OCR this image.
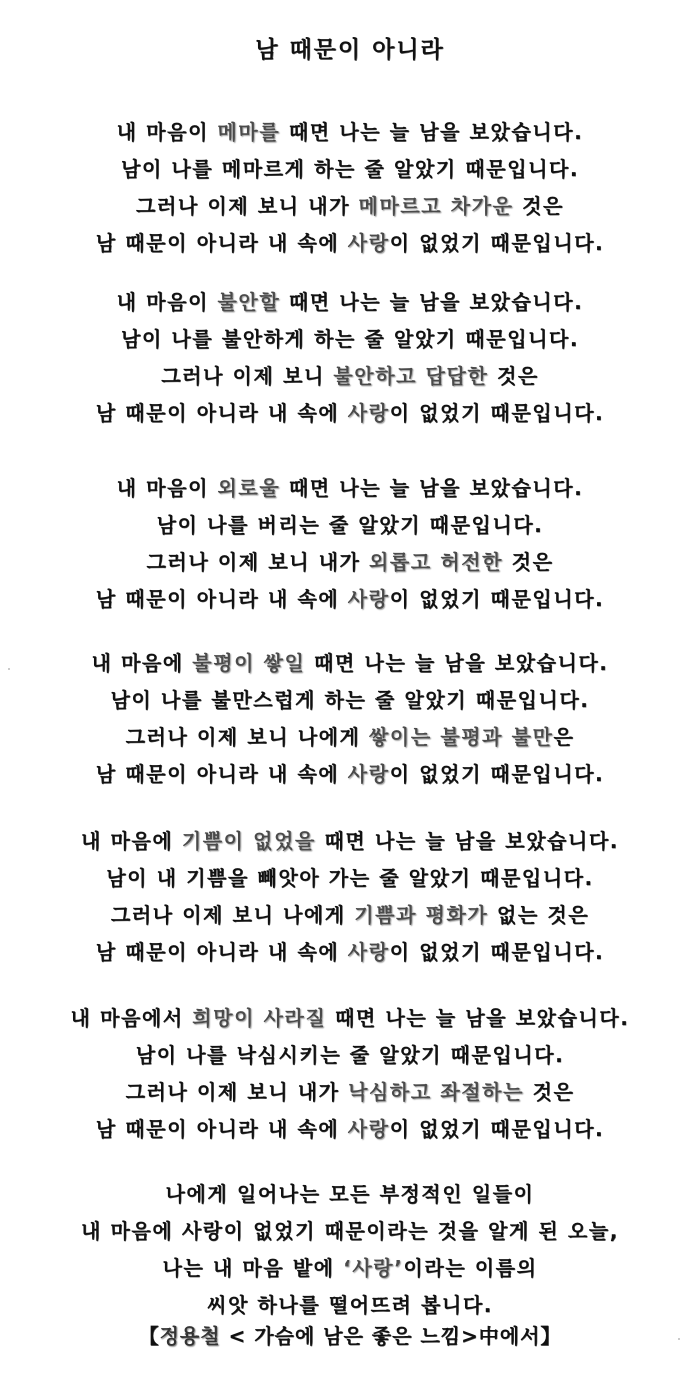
남 때문이 아니라
내 마음이 메마를 때면 나는 늘 남을 보았습니다.
남이 나를 메마르게 하는 줄 알았기 때문입니다.
그러나 이제 보니 내가 메마르고 차가운 것은
남 때문이 아니라 내 속에 사랑이 없었기 때문입니다.
내 마음이 불안할 때면 나는 늘 남을 보았습니다.
남이 나를 불안하게 하는 줄 알았기 때문입니다.
그러나 이제 보니 불안하고 답답한 것은
남 때문이 아니라 내 속에 사랑이 없었기 때문입니다.
내 마음이 외로울 때면 나는 늘 남을 보았습니다.
남이 나를 버리는 줄 알았기 때문입니다.
그러나 이제 보니 내가 외롭고 허전한 것은
남 때문이 아니라 내 속에 사랑이 없었기 때문입니다.
내 마음에 불평이 쌓일 때면 나는 늘 남을 보았습니다.
남이 나를 불만스럽게 하는 줄 알았기 때문입니다.
그러나 이제 보니 나에게 쌓이는 불평과 불만은
남 때문이 아니라 내 속에 사랑이 없었기 때문입니다.
내 마음에 기쁨이 없었을 때면 나는 늘 남을 보았습니다.
남이 내 기쁨을 빼앗아 가는 줄 알았기 때문입니다.
그러나 이제 보니 나에게 기쁨과 평화가 없는 것은
남 때문이 아니라 내 속에 사랑이 없었기 때문입니다.
내 마음에서 희망이 사라질 때면 나는 늘 남을 보았습니다.
남이 나를 낙심시키는 줄 알았기 때문입니다.
그러나 이제 보니 내가 낙심하고 좌절하는 것은
남 때문이 아니라 내 속에 사랑이 없었기 때문입니다.
나에게 일어나는 모든 부정적인 일들이
내 마음에 사랑이 없었기 때문이라는 것을 알게 된 오늘,
나는 내 마음 밭에 ‘사랑’이라는 이름의
씨앗 하나를 떨어뜨려 봅니다.
【정용철 < 가슴에 남은 좋은 느낌>中에서】
